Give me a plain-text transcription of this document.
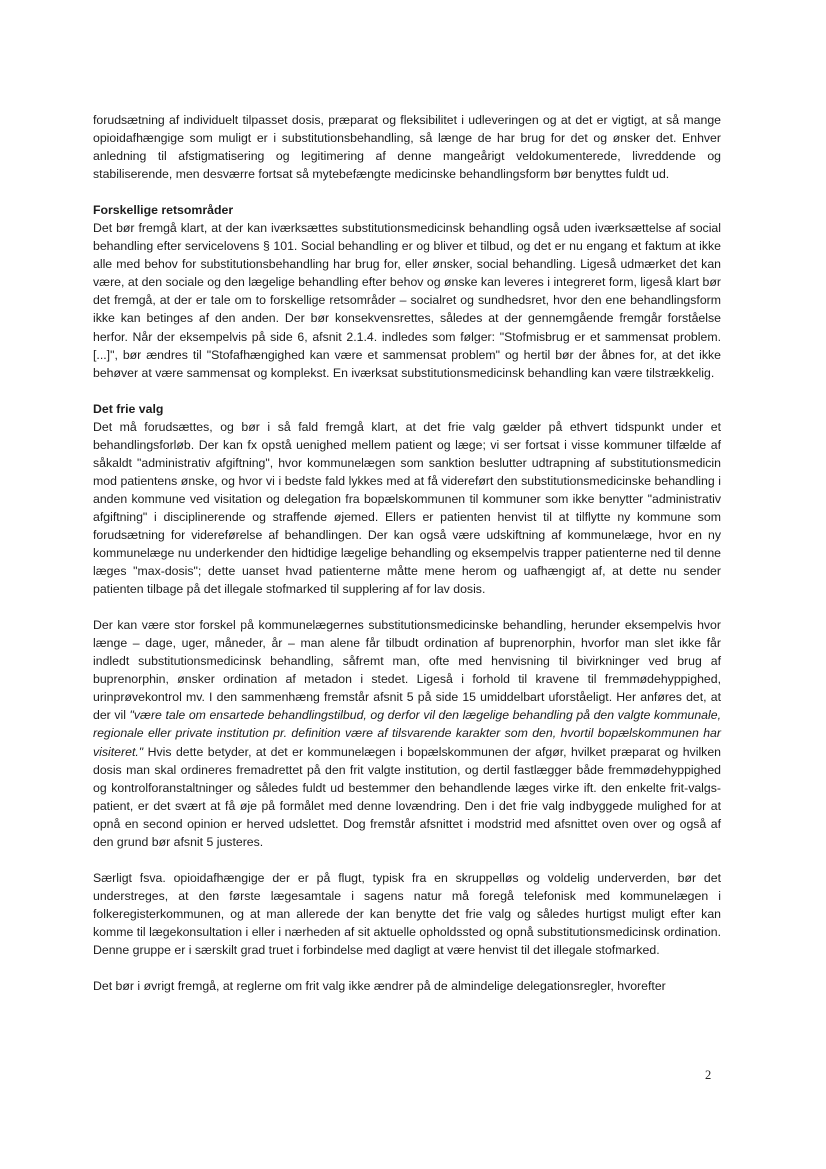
forudsætning af individuelt tilpasset dosis, præparat og fleksibilitet i udleveringen og at det er vigtigt, at så mange opioidafhængige som muligt er i substitutionsbehandling, så længe de har brug for det og ønsker det. Enhver anledning til afstigmatisering og legitimering af denne mangeårigt veldokumenterede, livreddende og stabiliserende, men desværre fortsat så mytebefængte medicinske behandlingsform bør benyttes fuldt ud.

Forskellige retsområder

Det bør fremgå klart, at der kan iværksættes substitutionsmedicinsk behandling også uden iværksættelse af social behandling efter servicelovens § 101. Social behandling er og bliver et tilbud, og det er nu engang et faktum at ikke alle med behov for substitutionsbehandling har brug for, eller ønsker, social behandling. Ligeså udmærket det kan være, at den sociale og den lægelige behandling efter behov og ønske kan leveres i integreret form, ligeså klart bør det fremgå, at der er tale om to forskellige retsområder – socialret og sundhedsret, hvor den ene behandlingsform ikke kan betinges af den anden. Der bør konsekvensrettes, således at der gennemgående fremgår forståelse herfor. Når der eksempelvis på side 6, afsnit 2.1.4. indledes som følger: "Stofmisbrug er et sammensat problem. [...]", bør ændres til "Stofafhængighed kan være et sammensat problem" og hertil bør der åbnes for, at det ikke behøver at være sammensat og komplekst. En iværksat substitutionsmedicinsk behandling kan være tilstrækkelig.

Det frie valg

Det må forudsættes, og bør i så fald fremgå klart, at det frie valg gælder på ethvert tidspunkt under et behandlingsforløb. Der kan fx opstå uenighed mellem patient og læge; vi ser fortsat i visse kommuner tilfælde af såkaldt "administrativ afgiftning", hvor kommunelægen som sanktion beslutter udtrapning af substitutionsmedicin mod patientens ønske, og hvor vi i bedste fald lykkes med at få videreført den substitutionsmedicinske behandling i anden kommune ved visitation og delegation fra bopælskommunen til kommuner som ikke benytter "administrativ afgiftning" i disciplinerende og straffende øjemed. Ellers er patienten henvist til at tilflytte ny kommune som forudsætning for videreførelse af behandlingen. Der kan også være udskiftning af kommunelæge, hvor en ny kommunelæge nu underkender den hidtidige lægelige behandling og eksempelvis trapper patienterne ned til denne læges "max-dosis"; dette uanset hvad patienterne måtte mene herom og uafhængigt af, at dette nu sender patienten tilbage på det illegale stofmarked til supplering af for lav dosis.

Der kan være stor forskel på kommunelægernes substitutionsmedicinske behandling, herunder eksempelvis hvor længe – dage, uger, måneder, år – man alene får tilbudt ordination af buprenorphin, hvorfor man slet ikke får indledt substitutionsmedicinsk behandling, såfremt man, ofte med henvisning til bivirkninger ved brug af buprenorphin, ønsker ordination af metadon i stedet. Ligeså i forhold til kravene til fremmødehyppighed, urinprøvekontrol mv. I den sammenhæng fremstår afsnit 5 på side 15 umiddelbart uforståeligt. Her anføres det, at der vil "være tale om ensartede behandlingstilbud, og derfor vil den lægelige behandling på den valgte kommunale, regionale eller private institution pr. definition være af tilsvarende karakter som den, hvortil bopælskommunen har visiteret." Hvis dette betyder, at det er kommunelægen i bopælskommunen der afgør, hvilket præparat og hvilken dosis man skal ordineres fremadrettet på den frit valgte institution, og dertil fastlægger både fremmødehyppighed og kontrolforanstaltninger og således fuldt ud bestemmer den behandlende læges virke ift. den enkelte frit-valgs-patient, er det svært at få øje på formålet med denne lovændring. Den i det frie valg indbyggede mulighed for at opnå en second opinion er herved udslettet. Dog fremstår afsnittet i modstrid med afsnittet oven over og også af den grund bør afsnit 5 justeres.

Særligt fsva. opioidafhængige der er på flugt, typisk fra en skruppelløs og voldelig underverden, bør det understreges, at den første lægesamtale i sagens natur må foregå telefonisk med kommunelægen i folkeregisterkommunen, og at man allerede der kan benytte det frie valg og således hurtigst muligt efter kan komme til lægekonsultation i eller i nærheden af sit aktuelle opholdssted og opnå substitutionsmedicinsk ordination. Denne gruppe er i særskilt grad truet i forbindelse med dagligt at være henvist til det illegale stofmarked.

Det bør i øvrigt fremgå, at reglerne om frit valg ikke ændrer på de almindelige delegationsregler, hvorefter

2
